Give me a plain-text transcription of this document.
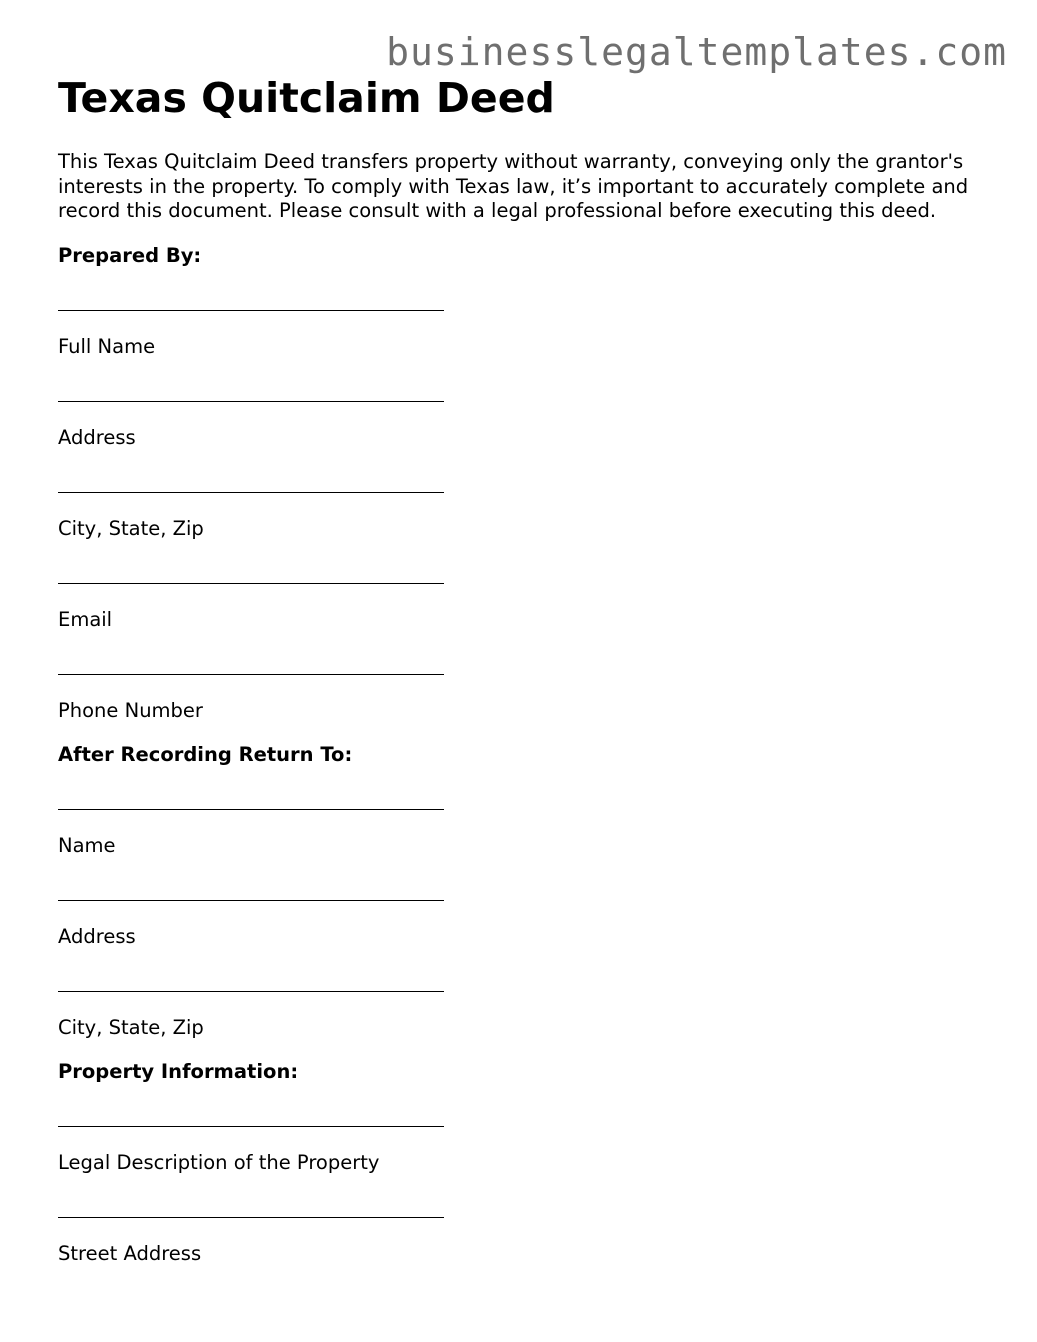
businesslegaltemplates.com
Texas Quitclaim Deed

This Texas Quitclaim Deed transfers property without warranty, conveying only the grantor's interests in the property. To comply with Texas law, it’s important to accurately complete and record this document. Please consult with a legal professional before executing this deed.

Prepared By:
Full Name
Address
City, State, Zip
Email
Phone Number
After Recording Return To:
Name
Address
City, State, Zip
Property Information:
Legal Description of the Property
Street Address
